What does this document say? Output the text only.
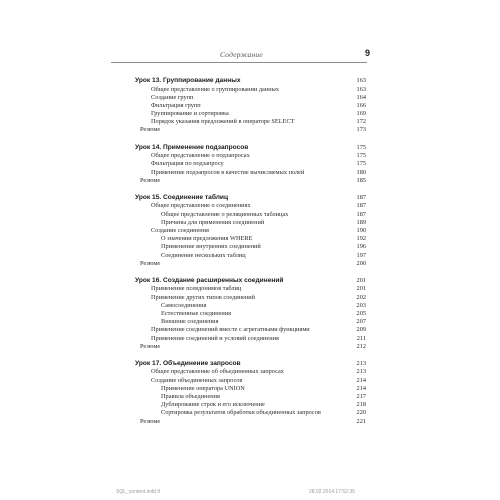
Содержание	9
Урок 13. Группирование данных	163
Общее представление о группировании данных	163
Создание групп	164
Фильтрация групп	166
Группирование и сортировка	169
Порядок указания предложений в операторе SELECT	172
Резюме	173
Урок 14. Применение подзапросов	175
Общее представление о подзапросах	175
Фильтрация по подзапросу	175
Применение подзапросов в качестве вычисляемых полей	180
Резюме	185
Урок 15. Соединение таблиц	187
Общее представление о соединениях	187
Общее представление о реляционных таблицах	187
Причины для применения соединений	189
Создание соединения	190
О значении предложения WHERE	192
Применение внутренних соединений	196
Соединение нескольких таблиц	197
Резюме	200
Урок 16. Создание расширенных соединений	201
Применение псевдонимов таблиц	201
Применение других типов соединений	202
Самосоединения	203
Естественные соединения	205
Внешние соединения	207
Применение соединений вместе с агрегатными функциями	209
Применение соединений и условий соединения	211
Резюме	212
Урок 17. Объединение запросов	213
Общее представление об объединенных запросах	213
Создание объединенных запросов	214
Применение оператора UNION	214
Правила объединения	217
Дублирование строк и его исключение	218
Сортировка результатов обработки объединенных запросов	220
Резюме	221
SQL_content.indd 9	28.02.2014 17:52:35
